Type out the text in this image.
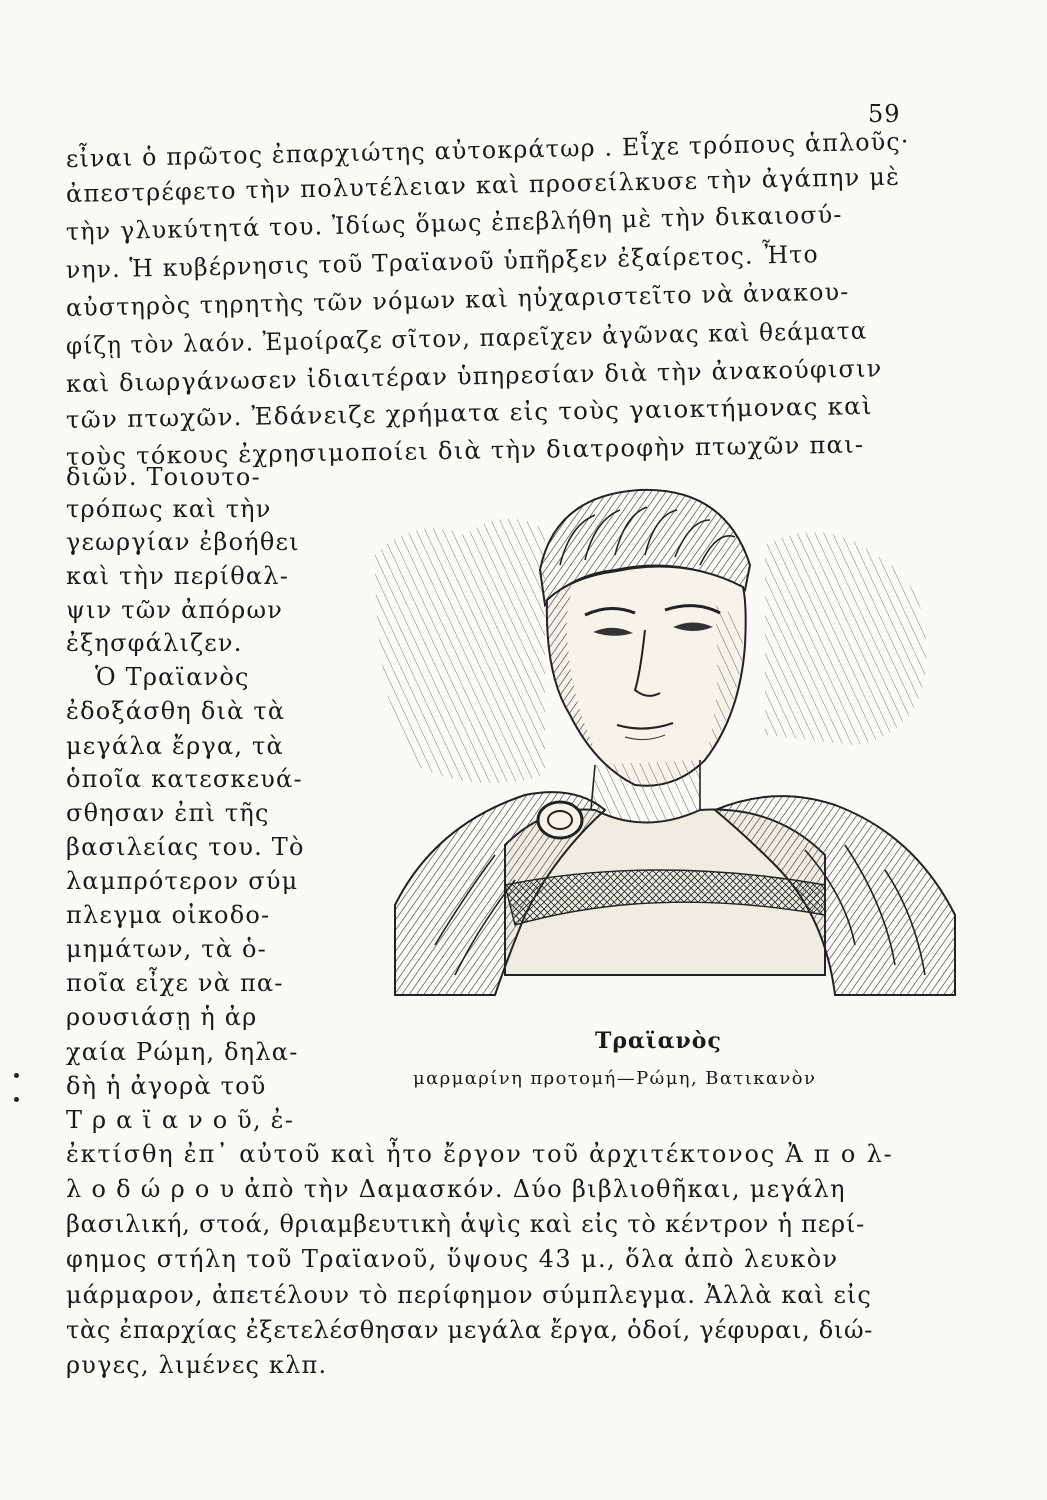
59
εἶναι ὁ πρῶτος ἐπαρχιώτης αὐτοκράτωρ . Εἶχε τρόπους ἁπλοῦς·
ἀπεστρέφετο τὴν πολυτέλειαν καὶ προσείλκυσε τὴν ἀγάπην μὲ
τὴν γλυκύτητά του. Ἰδίως ὅμως ἐπεβλήθη μὲ τὴν δικαιοσύ-
νην. Ἡ κυβέρνησις τοῦ Τραϊανοῦ ὑπῆρξεν ἐξαίρετος. Ἦτο
αὐστηρὸς τηρητὴς τῶν νόμων καὶ ηὐχαριστεῖτο νὰ ἀνακου-
φίζῃ τὸν λαόν. Ἐμοίραζε σῖτον, παρεῖχεν ἀγῶνας καὶ θεάματα
καὶ διωργάνωσεν ἰδιαιτέραν ὑπηρεσίαν διὰ τὴν ἀνακούφισιν
τῶν πτωχῶν. Ἐδάνειζε χρήματα εἰς τοὺς γαιοκτήμονας καὶ
τοὺς τόκους ἐχρησιμοποίει διὰ τὴν διατροφὴν πτωχῶν παι-
διῶν. Τοιουτο-
τρόπως καὶ τὴν
γεωργίαν ἐβοήθει
καὶ τὴν περίθαλ-
ψιν τῶν ἀπόρων
ἐξησφάλιζεν.
Ὁ Τραϊανὸς
ἐδοξάσθη διὰ τὰ
μεγάλα ἔργα, τὰ
ὁποῖα κατεσκευά-
σθησαν ἐπὶ τῆς
βασιλείας του. Τὸ
λαμπρότερον σύμ
πλεγμα οἰκοδο-
μημάτων, τὰ ὁ-
ποῖα εἶχε νὰ πα-
ρουσιάσῃ ἡ ἀρ
χαία Ρώμη, δηλα-
δὴ ἡ ἀγορὰ τοῦ
Τ ρ α ϊ α ν ο ῦ, ἐ-
Τραϊανὸς
μαρμαρίνη προτομή—Ρώμη, Βατικανὸν
ἐκτίσθη ἐπ᾽ αὐτοῦ καὶ ἦτο ἔργον τοῦ ἀρχιτέκτονος Ἀ π ο λ-
λ ο δ ώ ρ ο υ ἀπὸ τὴν Δαμασκόν. Δύο βιβλιοθῆκαι, μεγάλη
βασιλική, στοά, θριαμβευτικὴ ἁψὶς καὶ εἰς τὸ κέντρον ἡ περί-
φημος στήλη τοῦ Τραϊανοῦ, ὕψους 43 μ., ὅλα ἀπὸ λευκὸν
μάρμαρον, ἀπετέλουν τὸ περίφημον σύμπλεγμα. Ἀλλὰ καὶ εἰς
τὰς ἐπαρχίας ἐξετελέσθησαν μεγάλα ἔργα, ὁδοί, γέφυραι, διώ-
ρυγες, λιμένες κλπ.
